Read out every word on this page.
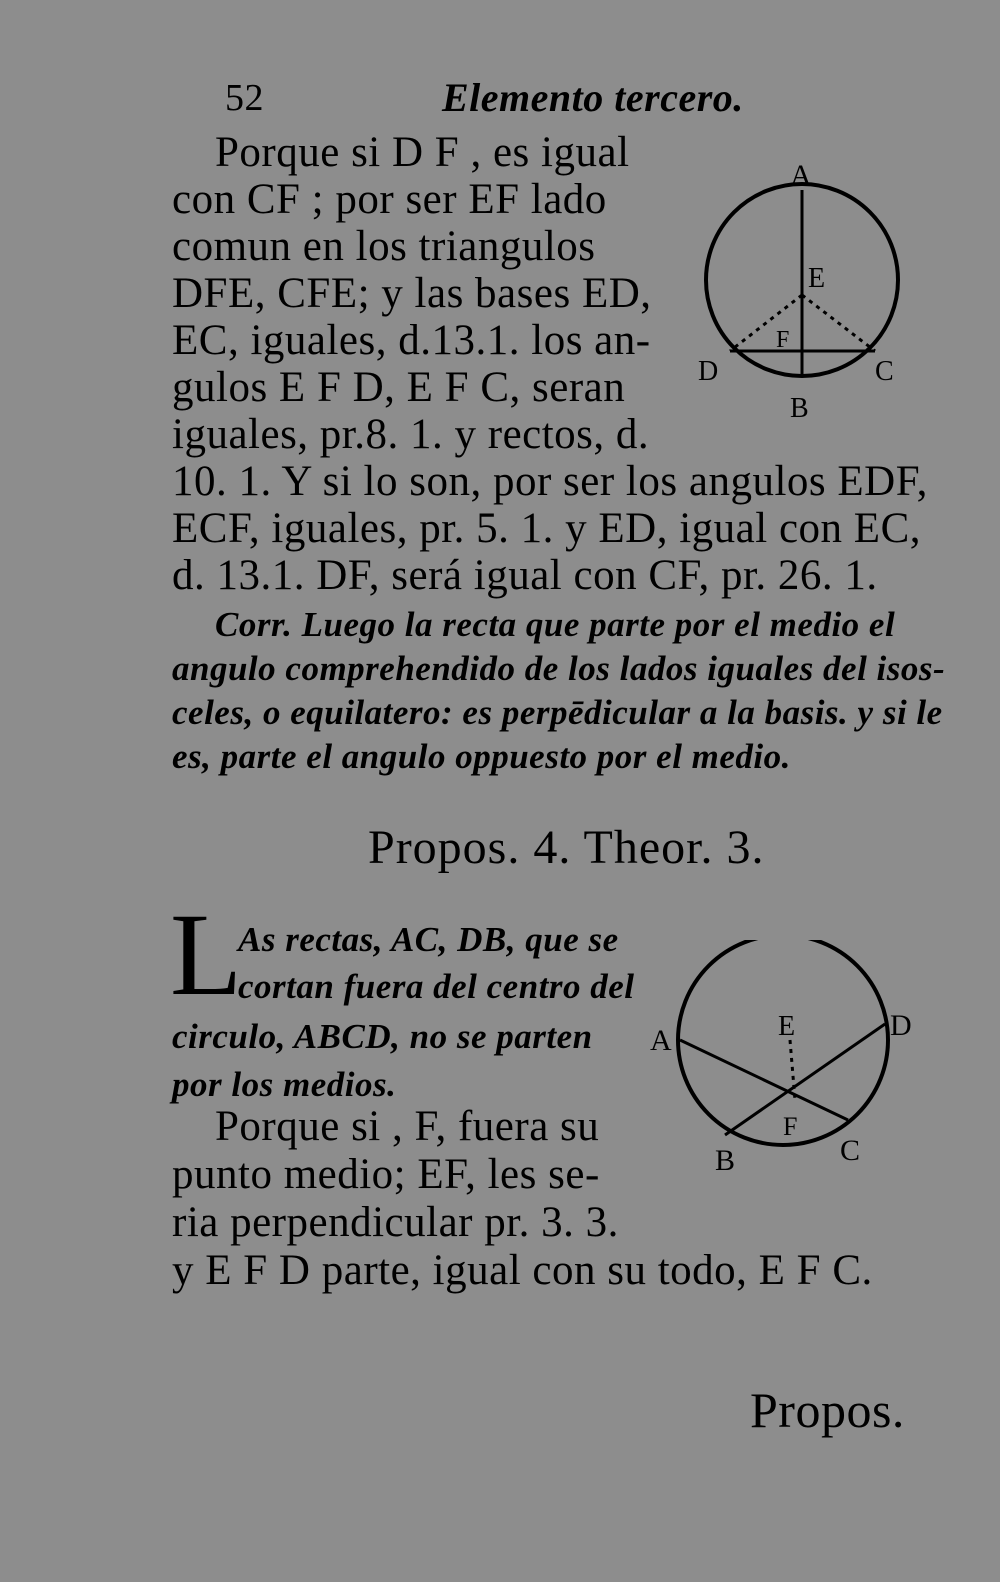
52	Elemento tercero.
Porque si D F , es igual
con CF ; por ser EF lado
comun en los triangulos
DFE, CFE; y las bases ED,
EC, iguales, d.13.1. los an-
gulos E F D, E F C, seran
iguales, pr.8. 1. y rectos, d.
10. 1. Y si lo son, por ser los angulos EDF,
ECF, iguales, pr. 5. 1. y ED, igual con EC,
d. 13.1. DF, será igual con CF, pr. 26. 1.
Corr. Luego la recta que parte por el medio el
angulo comprehendido de los lados iguales del isos-
celes, o equilatero: es perpēdicular a la basis. y si le
es, parte el angulo oppuesto por el medio.
A
E
F
D	C
B
Propos. 4. Theor. 3.
L
As rectas, AC, DB, que se
cortan fuera del centro del
circulo, ABCD, no se parten
por los medios.
Porque si , F, fuera su
punto medio; EF, les se-
ria perpendicular pr. 3. 3.
y E F D parte, igual con su todo, E F C.
A	E	D
F
B	C
Propos.
